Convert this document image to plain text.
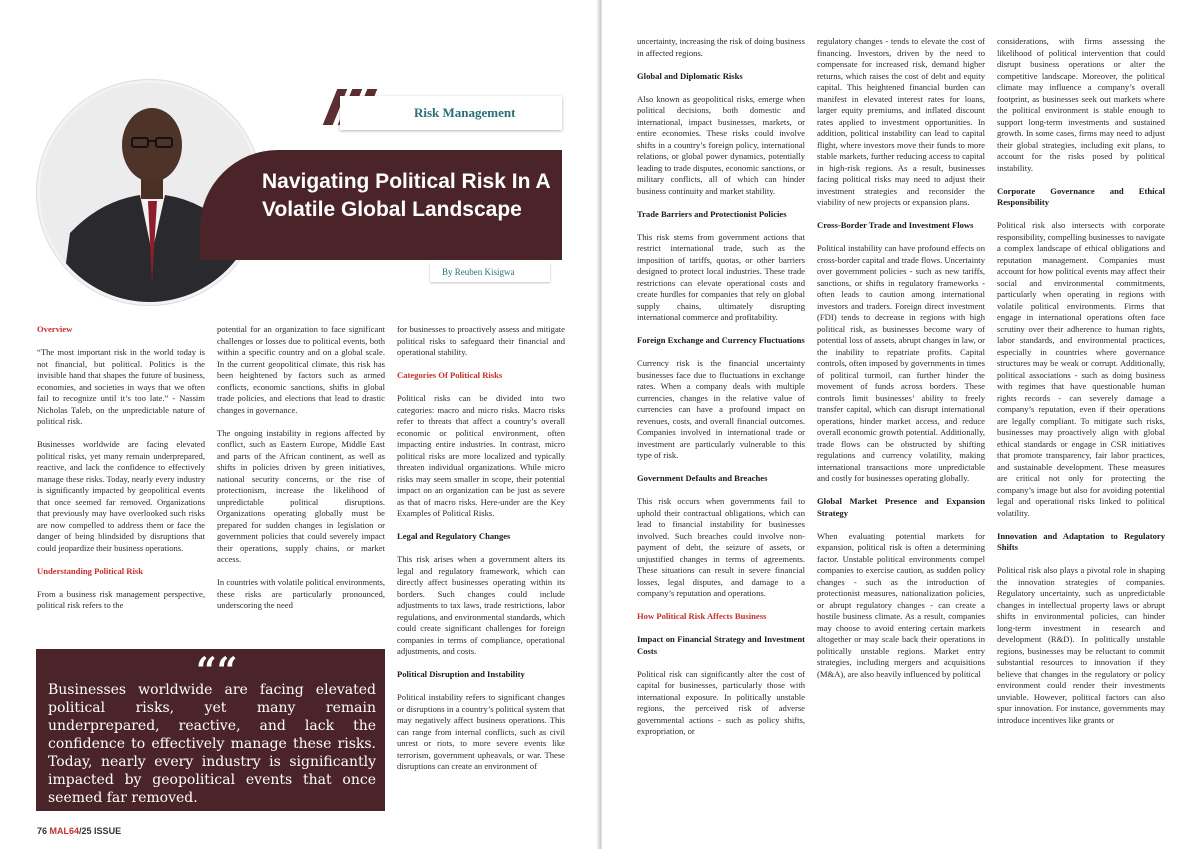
Risk Management
Navigating Political Risk In A Volatile Global Landscape
By Reuben Kisigwa
Overview

“The most important risk in the world today is not financial, but political. Politics is the invisible hand that shapes the future of business, economies, and societies in ways that we often fail to recognize until it’s too late.” - Nassim Nicholas Taleb, on the unpredictable nature of political risk.

Businesses worldwide are facing elevated political risks, yet many remain underprepared, reactive, and lack the confidence to effectively manage these risks. Today, nearly every industry is significantly impacted by geopolitical events that once seemed far removed. Organizations that previously may have overlooked such risks are now compelled to address them or face the danger of being blindsided by disruptions that could jeopardize their business operations.

Understanding Political Risk

From a business risk management perspective, political risk refers to the

potential for an organization to face significant challenges or losses due to political events, both within a specific country and on a global scale. In the current geopolitical climate, this risk has been heightened by factors such as armed conflicts, economic sanctions, shifts in global trade policies, and elections that lead to drastic changes in governance.

The ongoing instability in regions affected by conflict, such as Eastern Europe, Middle East and parts of the African continent, as well as shifts in policies driven by green initiatives, national security concerns, or the rise of protectionism, increase the likelihood of unpredictable political disruptions. Organizations operating globally must be prepared for sudden changes in legislation or government policies that could severely impact their operations, supply chains, or market access.

In countries with volatile political environments, these risks are particularly pronounced, underscoring the need

for businesses to proactively assess and mitigate political risks to safeguard their financial and operational stability.

Categories Of Political Risks

Political risks can be divided into two categories: macro and micro risks. Macro risks refer to threats that affect a country’s overall economic or political environment, often impacting entire industries. In contrast, micro political risks are more localized and typically threaten individual organizations. While micro risks may seem smaller in scope, their potential impact on an organization can be just as severe as that of macro risks. Here-under are the Key Examples of Political Risks.

Legal and Regulatory Changes

This risk arises when a government alters its legal and regulatory framework, which can directly affect businesses operating within its borders. Such changes could include adjustments to tax laws, trade restrictions, labor regulations, and environmental standards, which could create significant challenges for foreign companies in terms of compliance, operational adjustments, and costs.

Political Disruption and Instability

Political instability refers to significant changes or disruptions in a country’s political system that may negatively affect business operations. This can range from internal conflicts, such as civil unrest or riots, to more severe events like terrorism, government upheavals, or war. These disruptions can create an environment of

““
Businesses worldwide are facing elevated political risks, yet many remain underprepared, reactive, and lack the confidence to effectively manage these risks. Today, nearly every industry is significantly impacted by geopolitical events that once seemed far removed.
76 MAL64/25 ISSUE

uncertainty, increasing the risk of doing business in affected regions.

Global and Diplomatic Risks

Also known as geopolitical risks, emerge when political decisions, both domestic and international, impact businesses, markets, or entire economies. These risks could involve shifts in a country’s foreign policy, international relations, or global power dynamics, potentially leading to trade disputes, economic sanctions, or military conflicts, all of which can hinder business continuity and market stability.

Trade Barriers and Protectionist Policies

This risk stems from government actions that restrict international trade, such as the imposition of tariffs, quotas, or other barriers designed to protect local industries. These trade restrictions can elevate operational costs and create hurdles for companies that rely on global supply chains, ultimately disrupting international commerce and profitability.

Foreign Exchange and Currency Fluctuations

Currency risk is the financial uncertainty businesses face due to fluctuations in exchange rates. When a company deals with multiple currencies, changes in the relative value of currencies can have a profound impact on revenues, costs, and overall financial outcomes. Companies involved in international trade or investment are particularly vulnerable to this type of risk.

Government Defaults and Breaches

This risk occurs when governments fail to uphold their contractual obligations, which can lead to financial instability for businesses involved. Such breaches could involve non-payment of debt, the seizure of assets, or unjustified changes in terms of agreements. These situations can result in severe financial losses, legal disputes, and damage to a company’s reputation and operations.

How Political Risk Affects Business
Impact on Financial Strategy and Investment Costs

Political risk can significantly alter the cost of capital for businesses, particularly those with international exposure. In politically unstable regions, the perceived risk of adverse governmental actions - such as policy shifts, expropriation, or

regulatory changes - tends to elevate the cost of financing. Investors, driven by the need to compensate for increased risk, demand higher returns, which raises the cost of debt and equity capital. This heightened financial burden can manifest in elevated interest rates for loans, larger equity premiums, and inflated discount rates applied to investment opportunities. In addition, political instability can lead to capital flight, where investors move their funds to more stable markets, further reducing access to capital in high-risk regions. As a result, businesses facing political risks may need to adjust their investment strategies and reconsider the viability of new projects or expansion plans.

Cross-Border Trade and Investment Flows

Political instability can have profound effects on cross-border capital and trade flows. Uncertainty over government policies - such as new tariffs, sanctions, or shifts in regulatory frameworks - often leads to caution among international investors and traders. Foreign direct investment (FDI) tends to decrease in regions with high political risk, as businesses become wary of potential loss of assets, abrupt changes in law, or the inability to repatriate profits. Capital controls, often imposed by governments in times of political turmoil, can further hinder the movement of funds across borders. These controls limit businesses’ ability to freely transfer capital, which can disrupt international operations, hinder market access, and reduce overall economic growth potential. Additionally, trade flows can be obstructed by shifting regulations and currency volatility, making international transactions more unpredictable and costly for businesses operating globally.

Global Market Presence and Expansion Strategy

When evaluating potential markets for expansion, political risk is often a determining factor. Unstable political environments compel companies to exercise caution, as sudden policy changes - such as the introduction of protectionist measures, nationalization policies, or abrupt regulatory changes - can create a hostile business climate. As a result, companies may choose to avoid entering certain markets altogether or may scale back their operations in politically unstable regions. Market entry strategies, including mergers and acquisitions (M&A), are also heavily influenced by political

considerations, with firms assessing the likelihood of political intervention that could disrupt business operations or alter the competitive landscape. Moreover, the political climate may influence a company’s overall footprint, as businesses seek out markets where the political environment is stable enough to support long-term investments and sustained growth. In some cases, firms may need to adjust their global strategies, including exit plans, to account for the risks posed by political instability.

Corporate Governance and Ethical Responsibility

Political risk also intersects with corporate responsibility, compelling businesses to navigate a complex landscape of ethical obligations and reputation management. Companies must account for how political events may affect their social and environmental commitments, particularly when operating in regions with volatile political environments. Firms that engage in international operations often face scrutiny over their adherence to human rights, labor standards, and environmental practices, especially in countries where governance structures may be weak or corrupt. Additionally, political associations - such as doing business with regimes that have questionable human rights records - can severely damage a company’s reputation, even if their operations are legally compliant. To mitigate such risks, businesses may proactively align with global ethical standards or engage in CSR initiatives that promote transparency, fair labor practices, and sustainable development. These measures are critical not only for protecting the company’s image but also for avoiding potential legal and operational risks linked to political volatility.

Innovation and Adaptation to Regulatory Shifts

Political risk also plays a pivotal role in shaping the innovation strategies of companies. Regulatory uncertainty, such as unpredictable changes in intellectual property laws or abrupt shifts in environmental policies, can hinder long-term investment in research and development (R&D). In politically unstable regions, businesses may be reluctant to commit substantial resources to innovation if they believe that changes in the regulatory or policy environment could render their investments unviable. However, political factors can also spur innovation. For instance, governments may introduce incentives like grants or
